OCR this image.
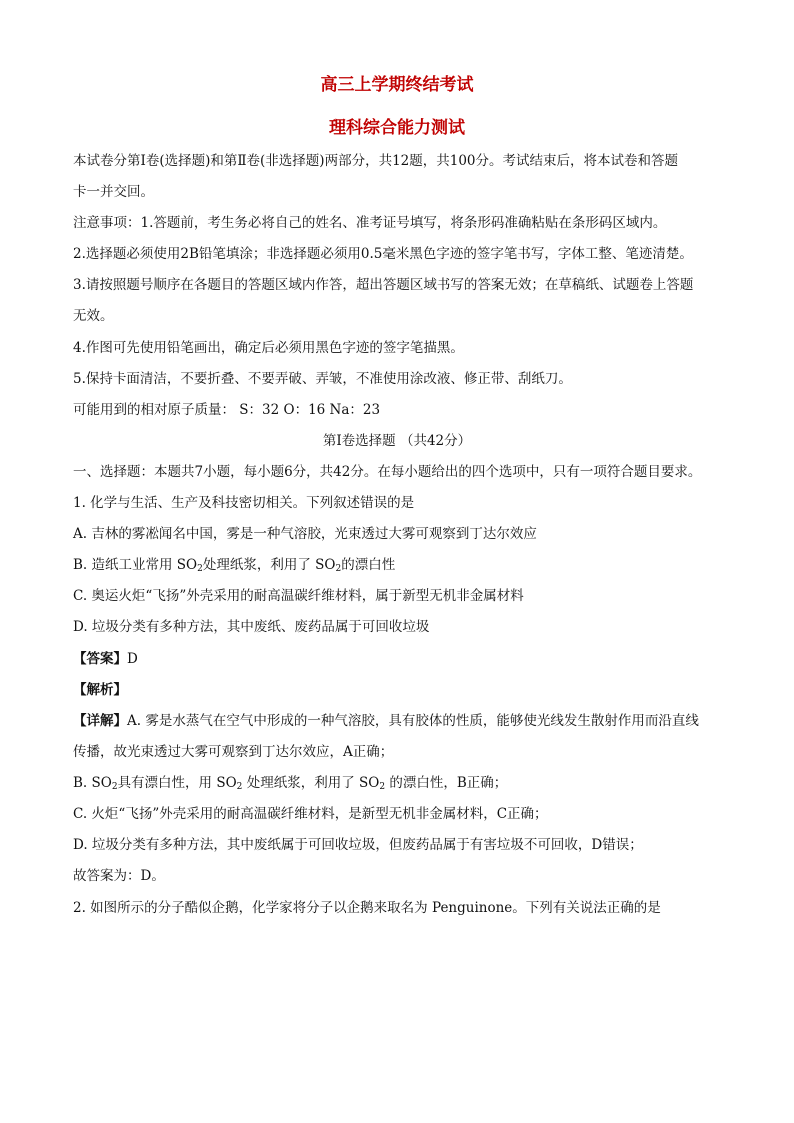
高三上学期终结考试
理科综合能力测试
本试卷分第Ⅰ卷(选择题)和第Ⅱ卷(非选择题)两部分，共12题，共100分。考试结束后，将本试卷和答题
卡一并交回。
注意事项：1.答题前，考生务必将自己的姓名、准考证号填写，将条形码准确粘贴在条形码区域内。
2.选择题必须使用2B铅笔填涂；非选择题必须用0.5毫米黑色字迹的签字笔书写，字体工整、笔迹清楚。
3.请按照题号顺序在各题目的答题区域内作答，超出答题区域书写的答案无效；在草稿纸、试题卷上答题
无效。
4.作图可先使用铅笔画出，确定后必须用黑色字迹的签字笔描黑。
5.保持卡面清洁，不要折叠、不要弄破、弄皱，不准使用涂改液、修正带、刮纸刀。
可能用到的相对原子质量： S：32 O：16 Na：23
第Ⅰ卷选择题 （共42分）
一、选择题：本题共7小题，每小题6分，共42分。在每小题给出的四个选项中，只有一项符合题目要求。
1. 化学与生活、生产及科技密切相关。下列叙述错误的是
A. 吉林的雾凇闻名中国，雾是一种气溶胶，光束透过大雾可观察到丁达尔效应
B. 造纸工业常用 $SO_2$处理纸浆，利用了 $SO_2$的漂白性
C. 奥运火炬“飞扬”外壳采用的耐高温碳纤维材料，属于新型无机非金属材料
D. 垃圾分类有多种方法，其中废纸、废药品属于可回收垃圾
【答案】D
【解析】
【详解】A. 雾是水蒸气在空气中形成的一种气溶胶，具有胶体的性质，能够使光线发生散射作用而沿直线
传播，故光束透过大雾可观察到丁达尔效应，A正确；
B. $SO_2$具有漂白性，用 $SO_2$ 处理纸浆，利用了 $SO_2$ 的漂白性，B正确；
C. 火炬“飞扬”外壳采用的耐高温碳纤维材料，是新型无机非金属材料，C正确；
D. 垃圾分类有多种方法，其中废纸属于可回收垃圾，但废药品属于有害垃圾不可回收，D错误；
故答案为：D。
2. 如图所示的分子酷似企鹅，化学家将分子以企鹅来取名为 Penguinone。下列有关说法正确的是
